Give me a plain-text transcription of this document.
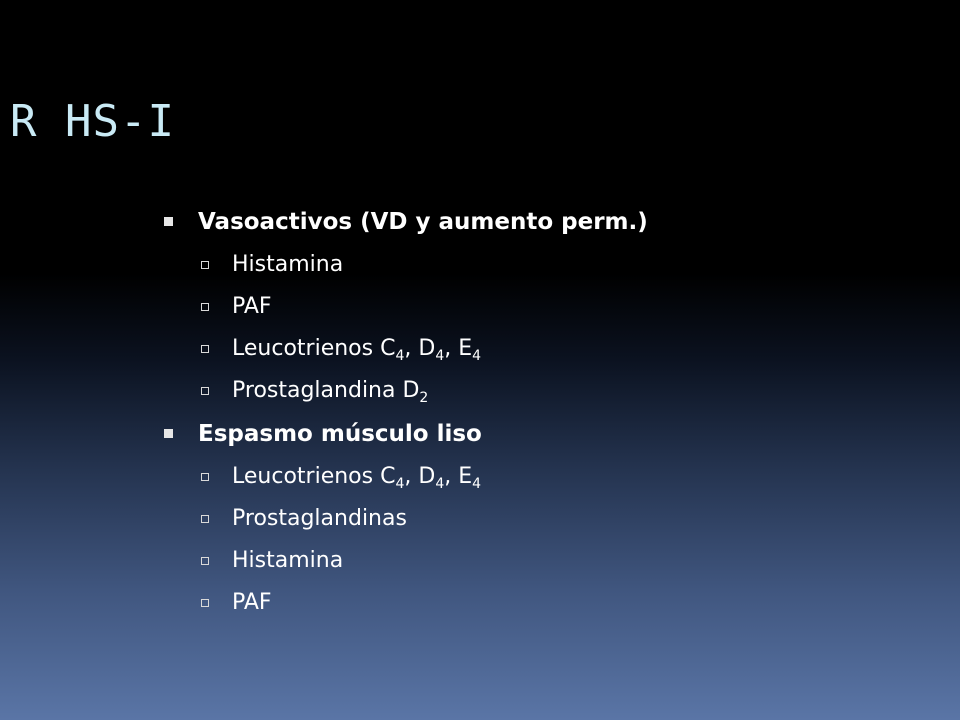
R HS-I
Vasoactivos (VD y aumento perm.)
Histamina
PAF
Leucotrienos $C_4$, $D_4$, $E_4$
Prostaglandina $D_2$
Espasmo músculo liso
Leucotrienos $C_4$, $D_4$, $E_4$
Prostaglandinas
Histamina
PAF
